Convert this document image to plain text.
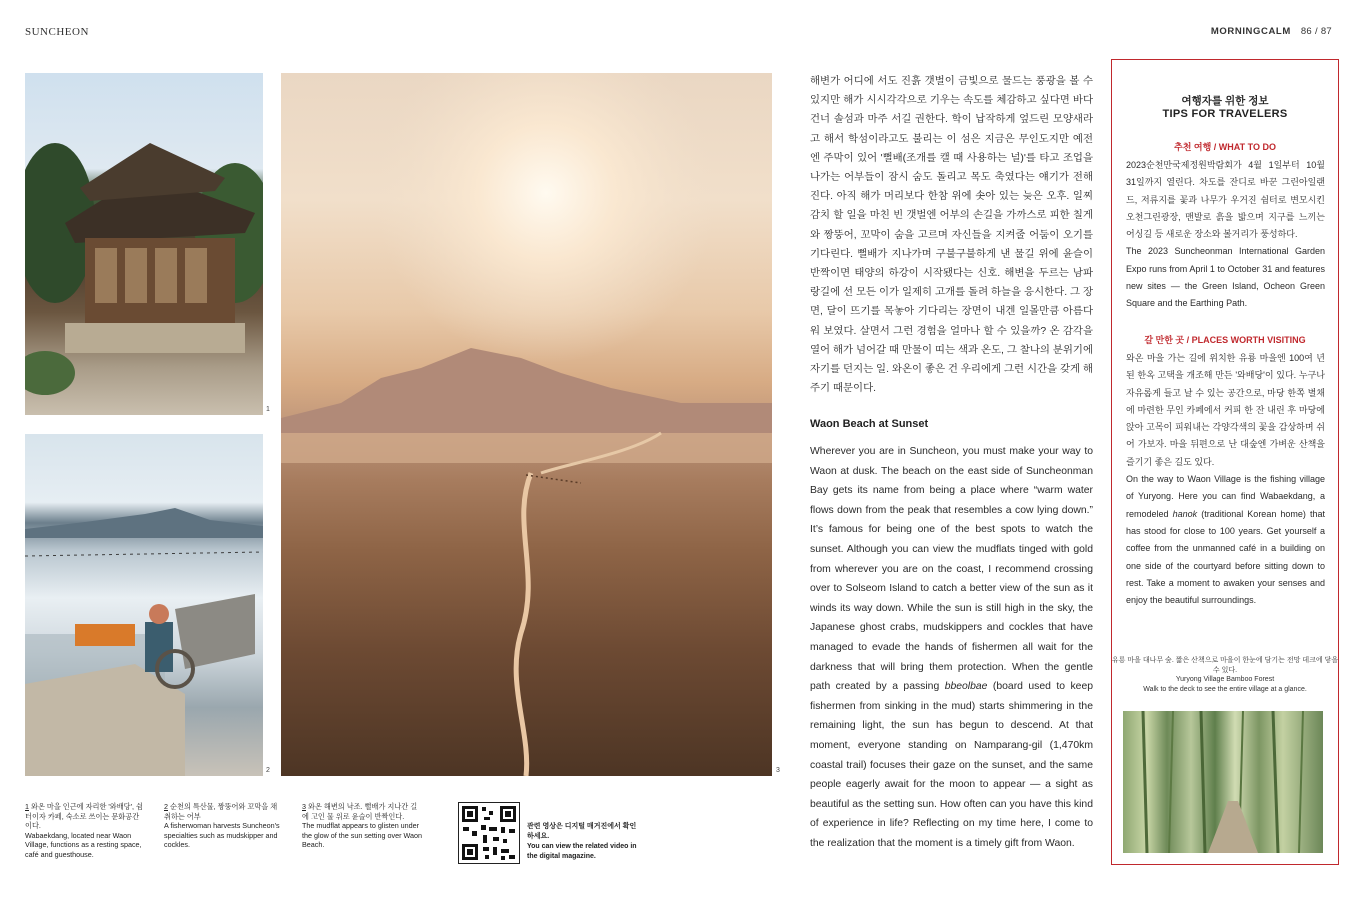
SUNCHEON	MORNINGCALM 86 / 87
1
2	3
1 와온 마을 인근에 자리한 '와배당', 쉼터이자 카페, 숙소로 쓰이는 문화공간이다.
Wabaekdang, located near Waon Village, functions as a resting space, café and guesthouse.
2 순천의 특산물, 짱뚱어와 꼬막을 채취하는 어부
A fisherwoman harvests Suncheon's specialties such as mudskipper and cockles.
3 와온 해변의 낙조. 뻘배가 지나간 길에 고인 물 위로 윤슬이 반짝인다.
The mudflat appears to glisten under the glow of the sun setting over Waon Beach.
관련 영상은 디지털 매거진에서 확인하세요.
You can view the related video in the digital magazine.
해변가 어디에 서도 진흙 갯벌이 금빛으로 물드는 풍광을 볼 수 있지만 해가 시시각각으로 기우는 속도를 체감하고 싶다면 바다 건너 솔섬과 마주 서길 권한다. 학이 납작하게 엎드린 모양새라고 해서 학섬이라고도 불리는 이 섬은 지금은 무인도지만 예전엔 주막이 있어 '뻘배(조개를 캘 때 사용하는 널)'를 타고 조업을 나가는 어부들이 잠시 숨도 돌리고 목도 축였다는 얘기가 전해진다. 아직 해가 머리보다 한참 위에 솟아 있는 늦은 오후. 일찌감치 할 일을 마친 빈 갯벌엔 어부의 손길을 가까스로 피한 칠게와 짱뚱어, 꼬막이 숨을 고르며 자신들을 지켜줄 어둠이 오기를 기다린다. 뻘배가 지나가며 구불구불하게 낸 물길 위에 윤슬이 반짝이면 태양의 하강이 시작됐다는 신호. 해변을 두르는 남파랑길에 선 모든 이가 일제히 고개를 돌려 하늘을 응시한다. 그 장면, 달이 뜨기를 목놓아 기다리는 장면이 내겐 일몰만큼 아름다워 보였다. 살면서 그런 경험을 얼마나 할 수 있을까? 온 감각을 열어 해가 넘어갈 때 만물이 띠는 색과 온도, 그 찰나의 분위기에 자기를 던지는 일. 와온이 좋은 건 우리에게 그런 시간을 갖게 해주기 때문이다.
Waon Beach at Sunset
Wherever you are in Suncheon, you must make your way to Waon at dusk. The beach on the east side of Suncheonman Bay gets its name from being a place where “warm water flows down from the peak that resembles a cow lying down.” It’s famous for being one of the best spots to watch the sunset. Although you can view the mudflats tinged with gold from wherever you are on the coast, I recommend crossing over to Solseom Island to catch a better view of the sun as it winds its way down. While the sun is still high in the sky, the Japanese ghost crabs, mudskippers and cockles that have managed to evade the hands of fishermen all wait for the darkness that will bring them protection. When the gentle path created by a passing bbeolbae (board used to keep fishermen from sinking in the mud) starts shimmering in the remaining light, the sun has begun to descend. At that moment, everyone standing on Namparang-gil (1,470km coastal trail) focuses their gaze on the sunset, and the same people eagerly await for the moon to appear — a sight as beautiful as the setting sun. How often can you have this kind of experience in life? Reflecting on my time here, I come to the realization that the moment is a timely gift from Waon.
여행자를 위한 정보
TIPS FOR TRAVELERS
추천 여행 / WHAT TO DO
2023순천만국제정원박람회가 4월 1일부터 10월 31일까지 열린다. 차도를 잔디로 바꾼 그린아일랜드, 저류지를 꽃과 나무가 우거진 쉼터로 변모시킨 오천그린광장, 맨발로 흙을 밟으며 지구를 느끼는 어싱길 등 새로운 장소와 볼거리가 풍성하다.
The 2023 Suncheonman International Garden Expo runs from April 1 to October 31 and features new sites — the Green Island, Ocheon Green Square and the Earthing Path.
갈 만한 곳 / PLACES WORTH VISITING
와온 마을 가는 길에 위치한 유룡 마을엔 100여 년 된 한옥 고택을 개조해 만든 '와배당'이 있다. 누구나 자유롭게 들고 날 수 있는 공간으로, 마당 한쪽 별채에 마련한 무인 카페에서 커피 한 잔 내린 후 마당에 앉아 고목이 피워내는 각양각색의 꽃을 감상하며 쉬어 가보자. 마을 뒤편으로 난 대숲엔 가벼운 산책을 즐기기 좋은 길도 있다.
On the way to Waon Village is the fishing village of Yuryong. Here you can find Wabaekdang, a remodeled hanok (traditional Korean home) that has stood for close to 100 years. Get yourself a coffee from the unmanned café in a building on one side of the courtyard before sitting down to rest. Take a moment to awaken your senses and enjoy the beautiful surroundings.
유룡 마을 대나무 숲. 짧은 산책으로 마을이 한눈에 담기는 전망 데크에 닿을 수 있다.
Yuryong Village Bamboo Forest
Walk to the deck to see the entire village at a glance.
